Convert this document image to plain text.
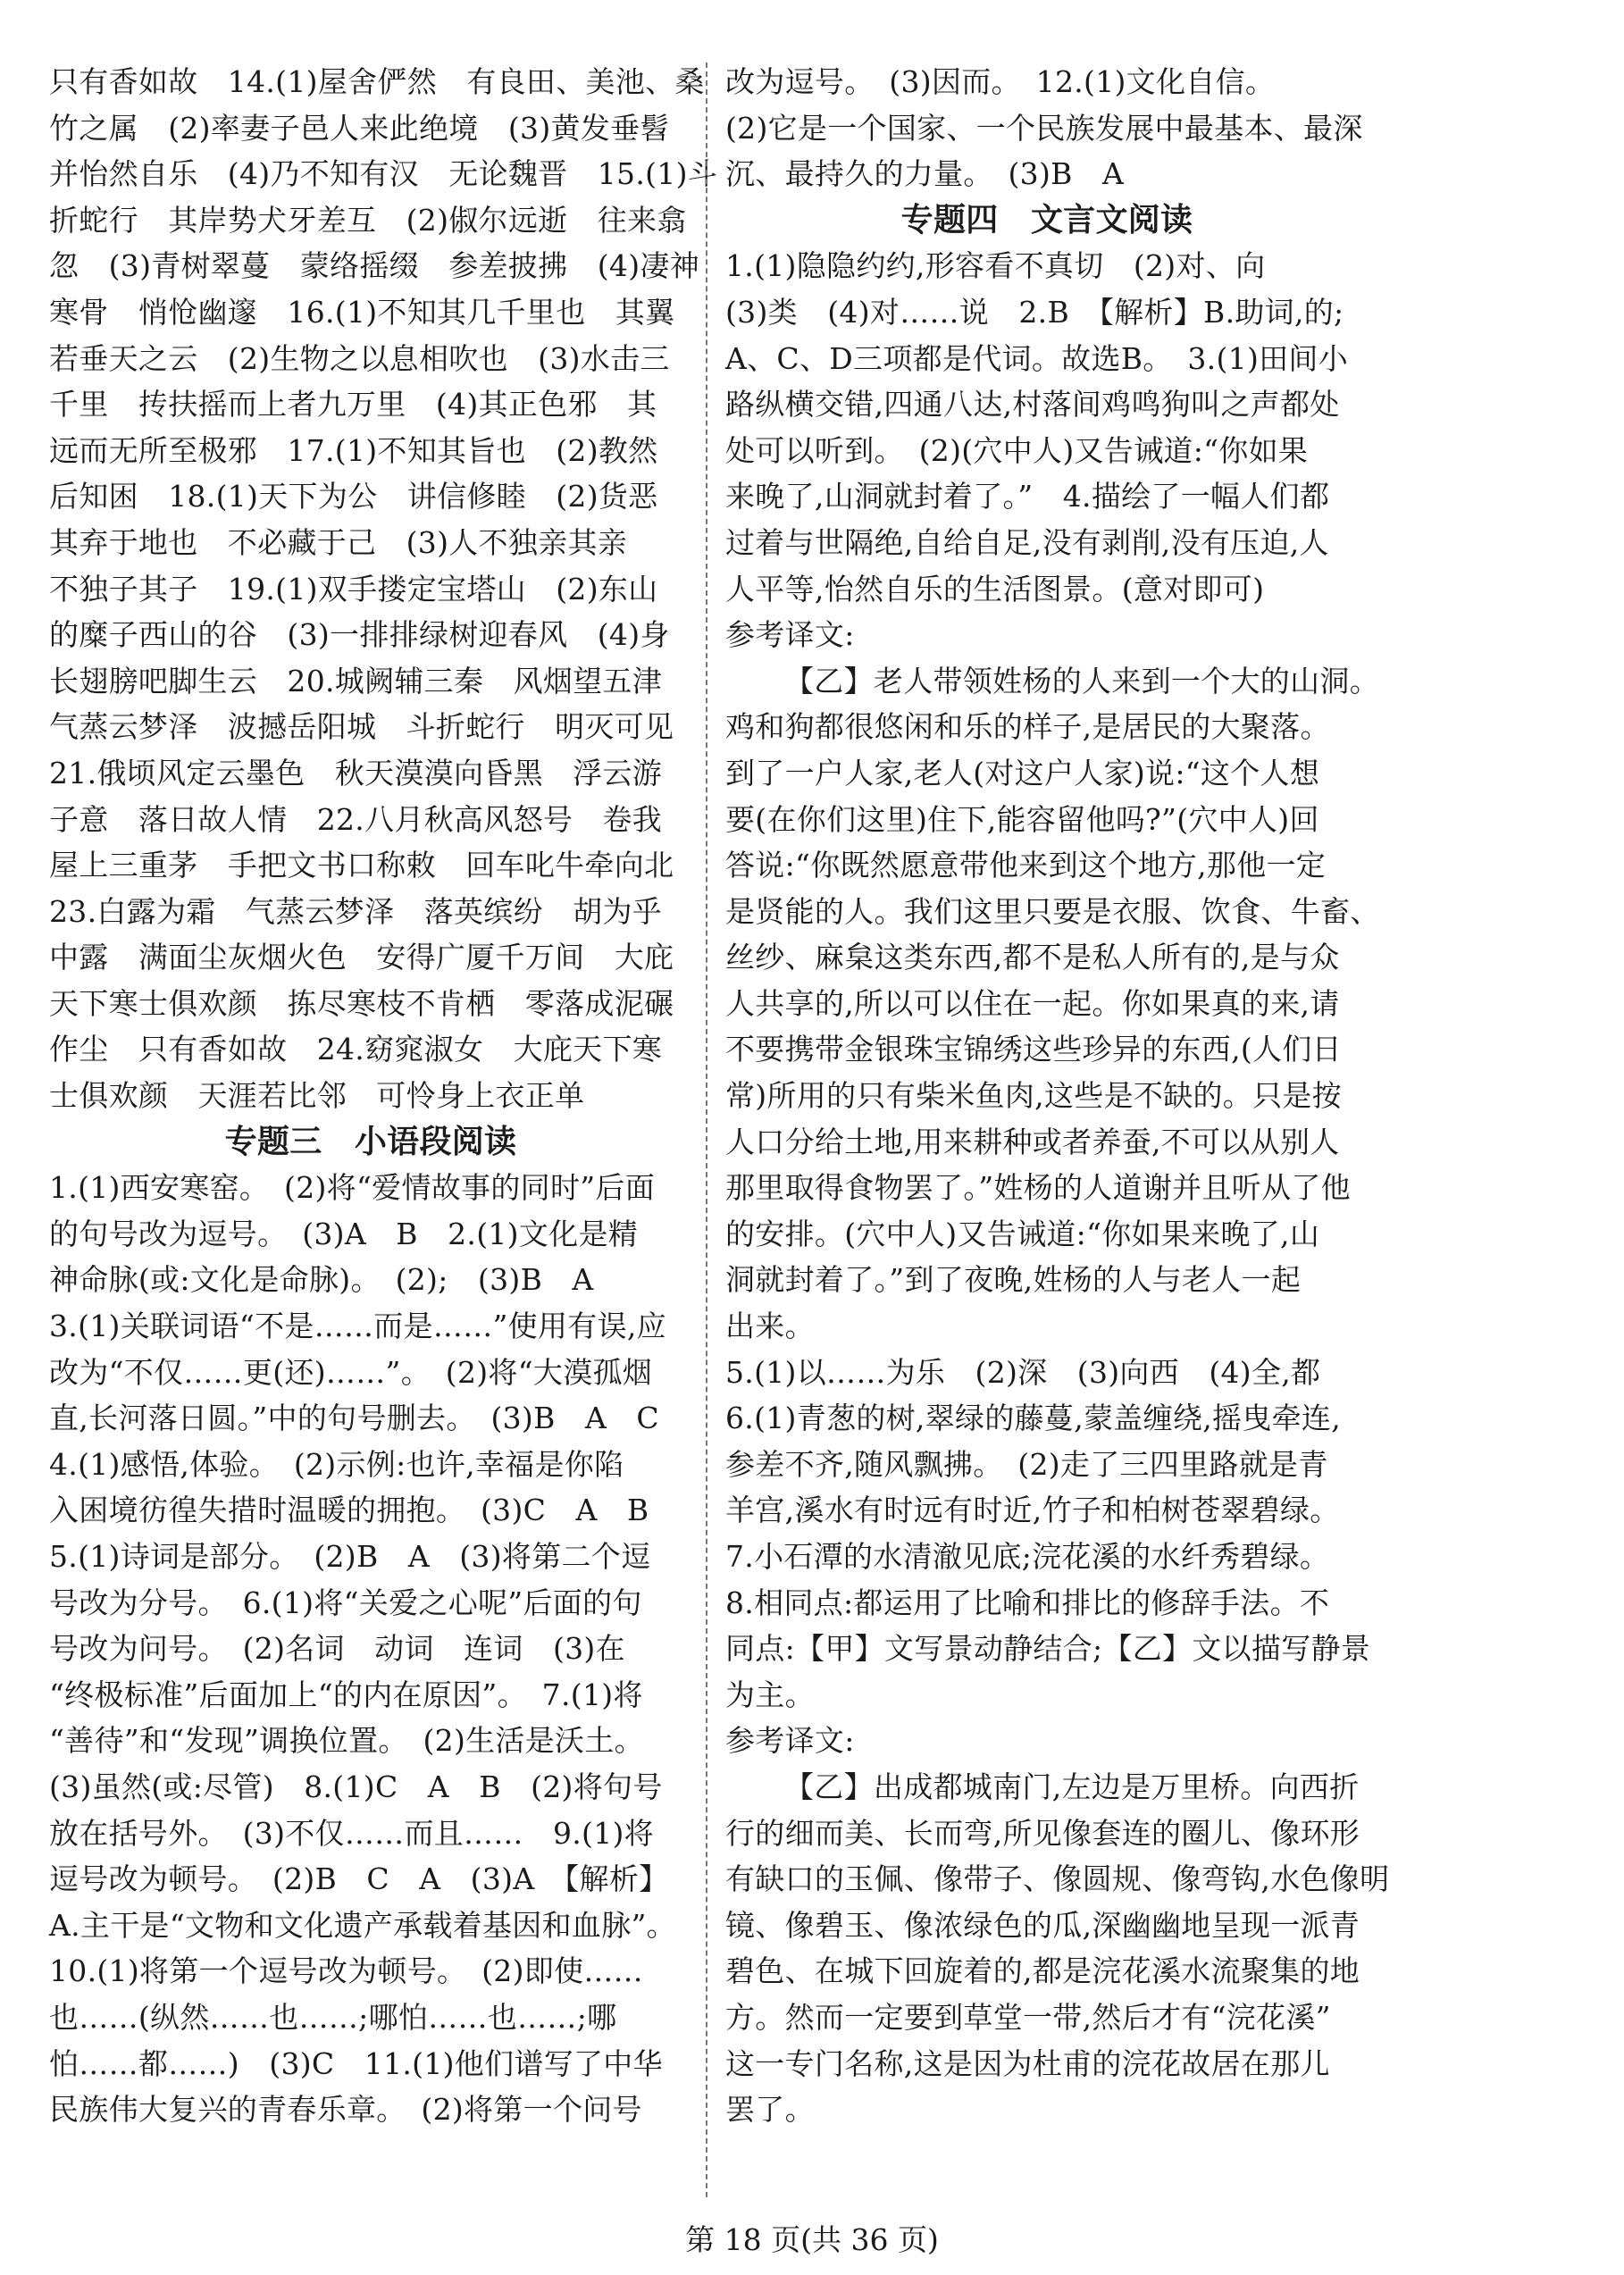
只有香如故　14.(1)屋舍俨然　有良田、美池、桑
竹之属　(2)率妻子邑人来此绝境　(3)黄发垂髫
并怡然自乐　(4)乃不知有汉　无论魏晋　15.(1)斗
折蛇行　其岸势犬牙差互　(2)俶尔远逝　往来翕
忽　(3)青树翠蔓　蒙络摇缀　参差披拂　(4)凄神
寒骨　悄怆幽邃　16.(1)不知其几千里也　其翼
若垂天之云　(2)生物之以息相吹也　(3)水击三
千里　抟扶摇而上者九万里　(4)其正色邪　其
远而无所至极邪　17.(1)不知其旨也　(2)教然
后知困　18.(1)天下为公　讲信修睦　(2)货恶
其弃于地也　不必藏于己　(3)人不独亲其亲
不独子其子　19.(1)双手搂定宝塔山　(2)东山
的糜子西山的谷　(3)一排排绿树迎春风　(4)身
长翅膀吧脚生云　20.城阙辅三秦　风烟望五津
气蒸云梦泽　波撼岳阳城　斗折蛇行　明灭可见
21.俄顷风定云墨色　秋天漠漠向昏黑　浮云游
子意　落日故人情　22.八月秋高风怒号　卷我
屋上三重茅　手把文书口称敕　回车叱牛牵向北
23.白露为霜　气蒸云梦泽　落英缤纷　胡为乎
中露　满面尘灰烟火色　安得广厦千万间　大庇
天下寒士俱欢颜　拣尽寒枝不肯栖　零落成泥碾
作尘　只有香如故　24.窈窕淑女　大庇天下寒
士俱欢颜　天涯若比邻　可怜身上衣正单
专题三　小语段阅读
1.(1)西安寒窑。　(2)将“爱情故事的同时”后面
的句号改为逗号。　(3)A　B　2.(1)文化是精
神命脉(或:文化是命脉)。　(2);　(3)B　A
3.(1)关联词语“不是……而是……”使用有误,应
改为“不仅……更(还)……”。　(2)将“大漠孤烟
直,长河落日圆。”中的句号删去。　(3)B　A　C
4.(1)感悟,体验。　(2)示例:也许,幸福是你陷
入困境彷徨失措时温暖的拥抱。　(3)C　A　B
5.(1)诗词是部分。　(2)B　A　(3)将第二个逗
号改为分号。　6.(1)将“关爱之心呢”后面的句
号改为问号。　(2)名词　动词　连词　(3)在
“终极标准”后面加上“的内在原因”。　7.(1)将
“善待”和“发现”调换位置。　(2)生活是沃土。
(3)虽然(或:尽管)　8.(1)C　A　B　(2)将句号
放在括号外。　(3)不仅……而且……　9.(1)将
逗号改为顿号。　(2)B　C　A　(3)A　【解析】
A.主干是“文物和文化遗产承载着基因和血脉”。
10.(1)将第一个逗号改为顿号。　(2)即使……
也……(纵然……也……;哪怕……也……;哪
怕……都……)　(3)C　11.(1)他们谱写了中华
民族伟大复兴的青春乐章。　(2)将第一个问号
改为逗号。　(3)因而。　12.(1)文化自信。
(2)它是一个国家、一个民族发展中最基本、最深
沉、最持久的力量。　(3)B　A
专题四　文言文阅读
1.(1)隐隐约约,形容看不真切　(2)对、向
(3)类　(4)对……说　2.B　【解析】B.助词,的;
A、C、D三项都是代词。故选B。　3.(1)田间小
路纵横交错,四通八达,村落间鸡鸣狗叫之声都处
处可以听到。　(2)(穴中人)又告诫道:“你如果
来晚了,山洞就封着了。”　4.描绘了一幅人们都
过着与世隔绝,自给自足,没有剥削,没有压迫,人
人平等,怡然自乐的生活图景。(意对即可)
参考译文:
【乙】老人带领姓杨的人来到一个大的山洞。
鸡和狗都很悠闲和乐的样子,是居民的大聚落。
到了一户人家,老人(对这户人家)说:“这个人想
要(在你们这里)住下,能容留他吗?”(穴中人)回
答说:“你既然愿意带他来到这个地方,那他一定
是贤能的人。我们这里只要是衣服、饮食、牛畜、
丝纱、麻枲这类东西,都不是私人所有的,是与众
人共享的,所以可以住在一起。你如果真的来,请
不要携带金银珠宝锦绣这些珍异的东西,(人们日
常)所用的只有柴米鱼肉,这些是不缺的。只是按
人口分给土地,用来耕种或者养蚕,不可以从别人
那里取得食物罢了。”姓杨的人道谢并且听从了他
的安排。(穴中人)又告诫道:“你如果来晚了,山
洞就封着了。”到了夜晚,姓杨的人与老人一起
出来。
5.(1)以……为乐　(2)深　(3)向西　(4)全,都
6.(1)青葱的树,翠绿的藤蔓,蒙盖缠绕,摇曳牵连,
参差不齐,随风飘拂。　(2)走了三四里路就是青
羊宫,溪水有时远有时近,竹子和柏树苍翠碧绿。
7.小石潭的水清澈见底;浣花溪的水纤秀碧绿。
8.相同点:都运用了比喻和排比的修辞手法。不
同点:【甲】文写景动静结合;【乙】文以描写静景
为主。
参考译文:
【乙】出成都城南门,左边是万里桥。向西折
行的细而美、长而弯,所见像套连的圈儿、像环形
有缺口的玉佩、像带子、像圆规、像弯钩,水色像明
镜、像碧玉、像浓绿色的瓜,深幽幽地呈现一派青
碧色、在城下回旋着的,都是浣花溪水流聚集的地
方。然而一定要到草堂一带,然后才有“浣花溪”
这一专门名称,这是因为杜甫的浣花故居在那儿
罢了。
第 18 页(共 36 页)
